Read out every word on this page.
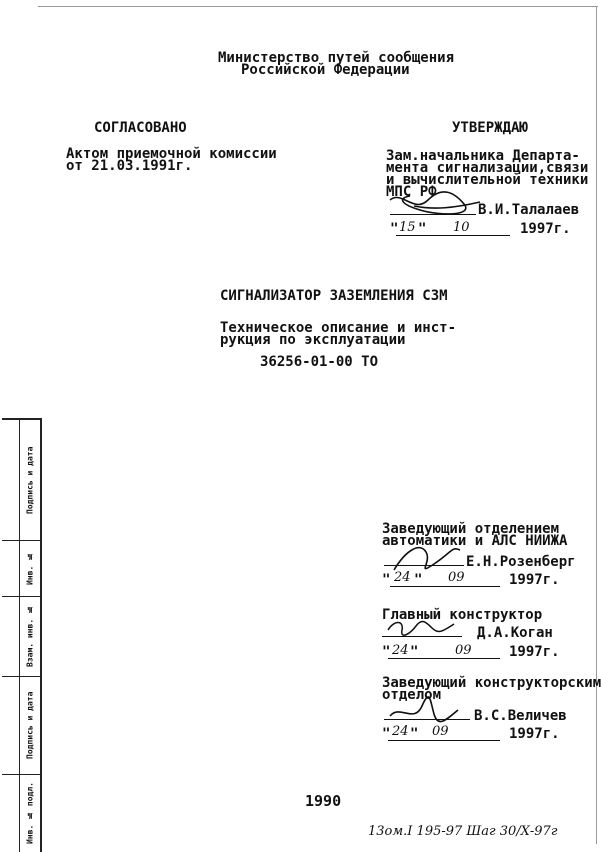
Министерство путей сообщения
Российской Федерации
СОГЛАСОВАНО
Актом приемочной комиссии
от 21.03.1991г.
УТВЕРЖДАЮ
Зам.начальника Департа-
мента сигнализации,связи
и вычислительной техники
МПС РФ
В.И.Талалаев
" 15 " 10	1997г.
СИГНАЛИЗАТОР ЗАЗЕМЛЕНИЯ СЗМ
Техническое описание и инст-
рукция по эксплуатации
36256-01-00 ТО
Заведующий отделением
автоматики и АЛС НИИЖА
Е.Н.Розенберг
" 24 " 09	1997г.
Главный конструктор
Д.А.Коган
" 24 "	09	1997г.
Заведующий конструкторским
отделом
В.С.Величев
" 24 " 09	1997г.
1990
13ом.I 195-97 Шаг 30/Х-97г
Подпись и дата
Инв. №
Взам. инв. №
Подпись и дата
Инв. № подл.
